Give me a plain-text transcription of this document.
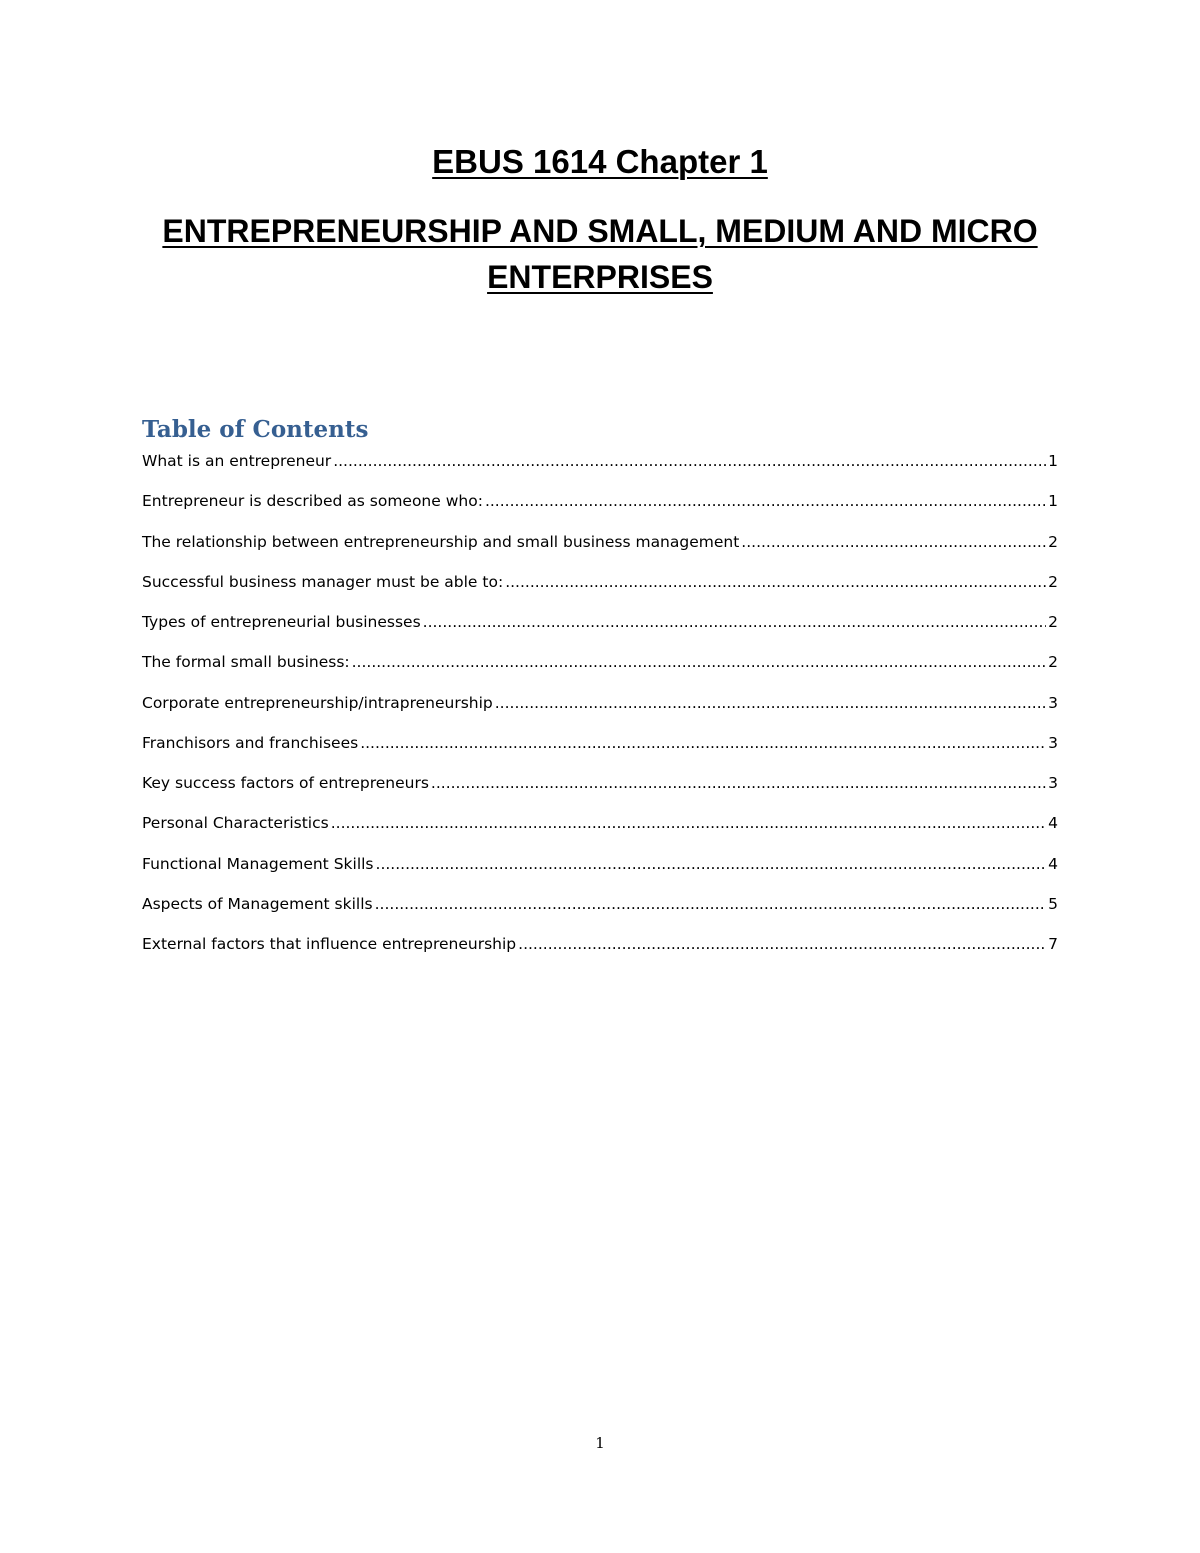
EBUS 1614 Chapter 1
ENTREPRENEURSHIP AND SMALL, MEDIUM AND MICRO ENTERPRISES
Table of Contents
What is an entrepreneur .....	1
Entrepreneur is described as someone who: .....	1
The relationship between entrepreneurship and small business management .....	2
Successful business manager must be able to: .....	2
Types of entrepreneurial businesses .....	2
The formal small business: .....	2
Corporate entrepreneurship/intrapreneurship .....	3
Franchisors and franchisees .....	3
Key success factors of entrepreneurs .....	3
Personal Characteristics .....	4
Functional Management Skills .....	4
Aspects of Management skills .....	5
External factors that influence entrepreneurship .....	7
1
